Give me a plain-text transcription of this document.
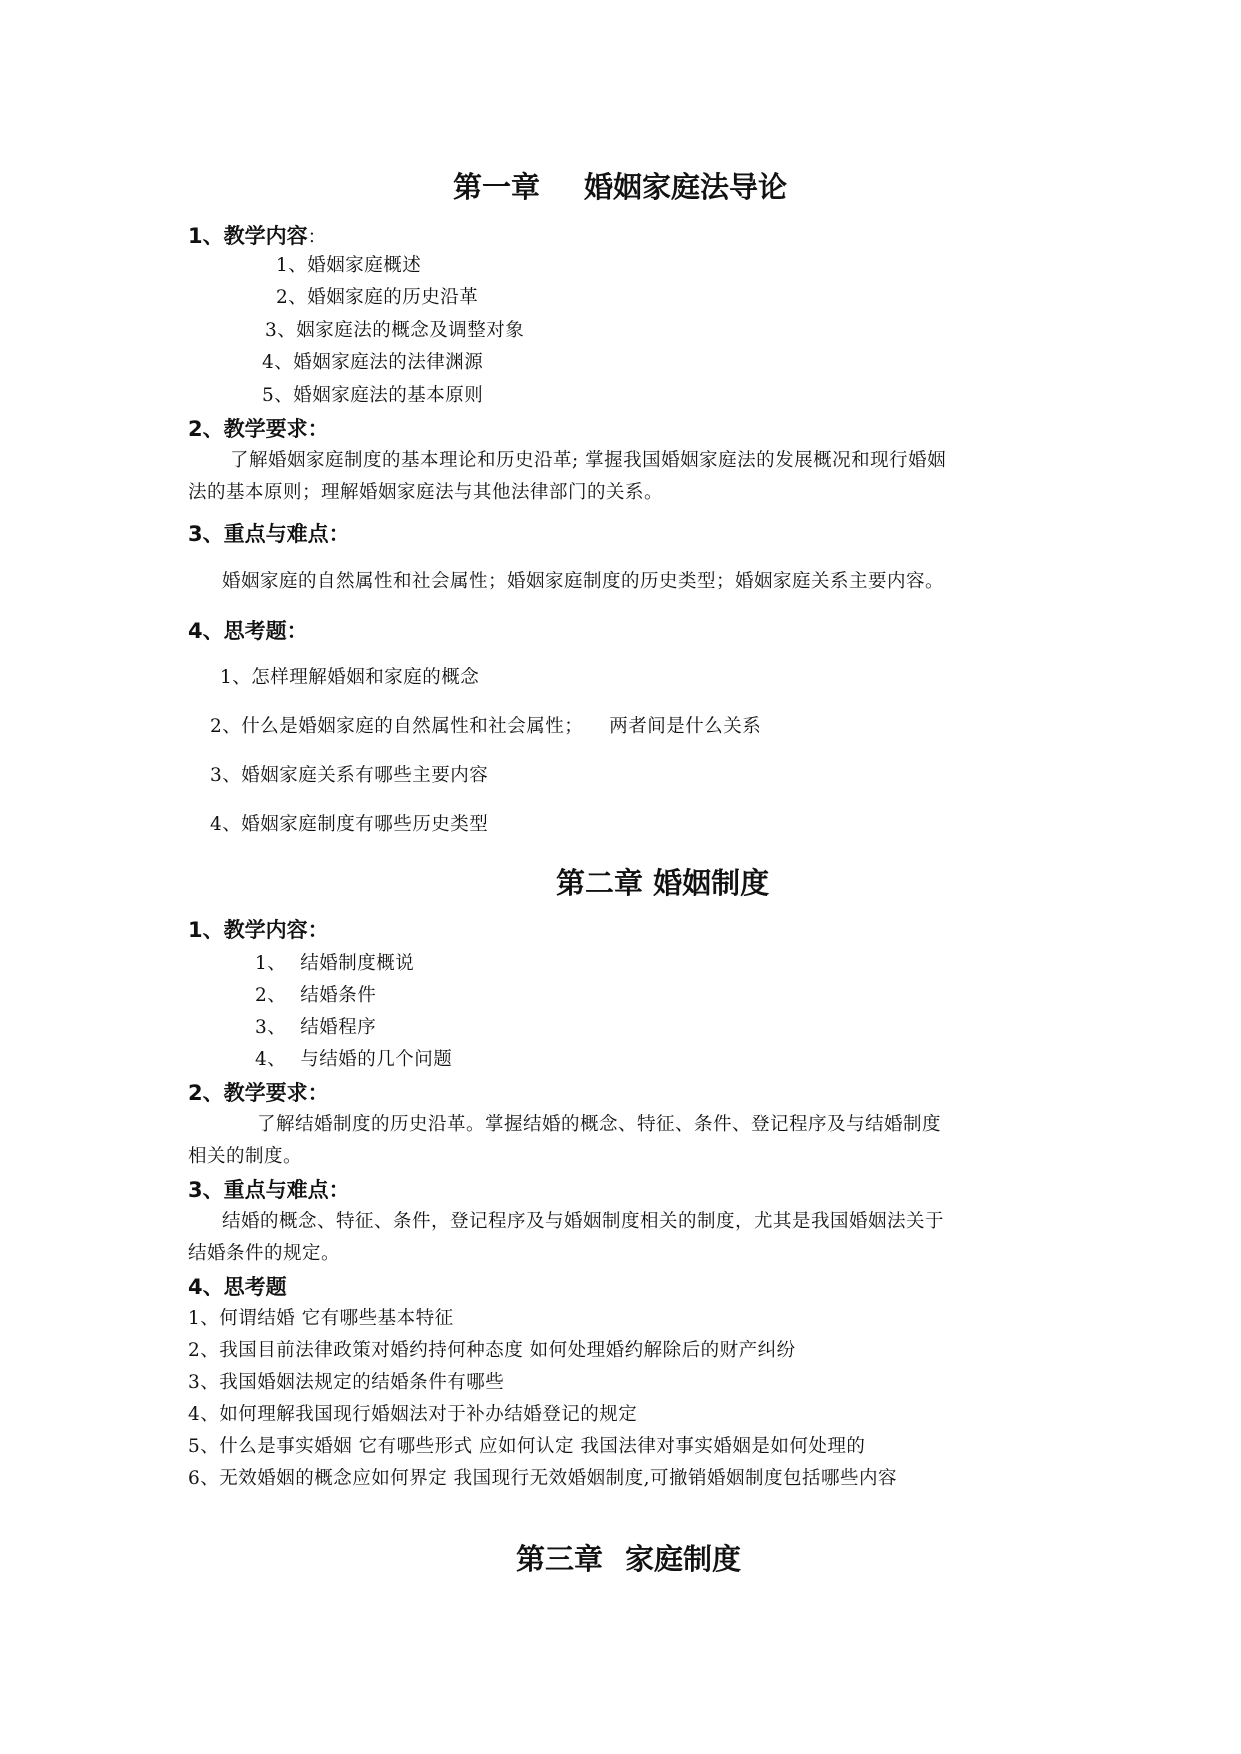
第一章 婚姻家庭法导论
1、教学内容：
1、婚姻家庭概述
2、婚姻家庭的历史沿革
3、姻家庭法的概念及调整对象
4、婚姻家庭法的法律渊源
5、婚姻家庭法的基本原则
2、教学要求：
了解婚姻家庭制度的基本理论和历史沿革; 掌握我国婚姻家庭法的发展概况和现行婚姻
法的基本原则；理解婚姻家庭法与其他法律部门的关系。
3、重点与难点：
婚姻家庭的自然属性和社会属性；婚姻家庭制度的历史类型；婚姻家庭关系主要内容。
4、思考题：
1、怎样理解婚姻和家庭的概念
2、什么是婚姻家庭的自然属性和社会属性； 两者间是什么关系
3、婚姻家庭关系有哪些主要内容
4、婚姻家庭制度有哪些历史类型
第二章 婚姻制度
1、教学内容：
1、 结婚制度概说
2、 结婚条件
3、 结婚程序
4、 与结婚的几个问题
2、教学要求：
了解结婚制度的历史沿革。掌握结婚的概念、特征、条件、登记程序及与结婚制度
相关的制度。
3、重点与难点：
结婚的概念、特征、条件，登记程序及与婚姻制度相关的制度，尤其是我国婚姻法关于
结婚条件的规定。
4、思考题
1、何谓结婚 它有哪些基本特征
2、我国目前法律政策对婚约持何种态度 如何处理婚约解除后的财产纠纷
3、我国婚姻法规定的结婚条件有哪些
4、如何理解我国现行婚姻法对于补办结婚登记的规定
5、什么是事实婚姻 它有哪些形式 应如何认定 我国法律对事实婚姻是如何处理的
6、无效婚姻的概念应如何界定 我国现行无效婚姻制度,可撤销婚姻制度包括哪些内容
第三章 家庭制度
